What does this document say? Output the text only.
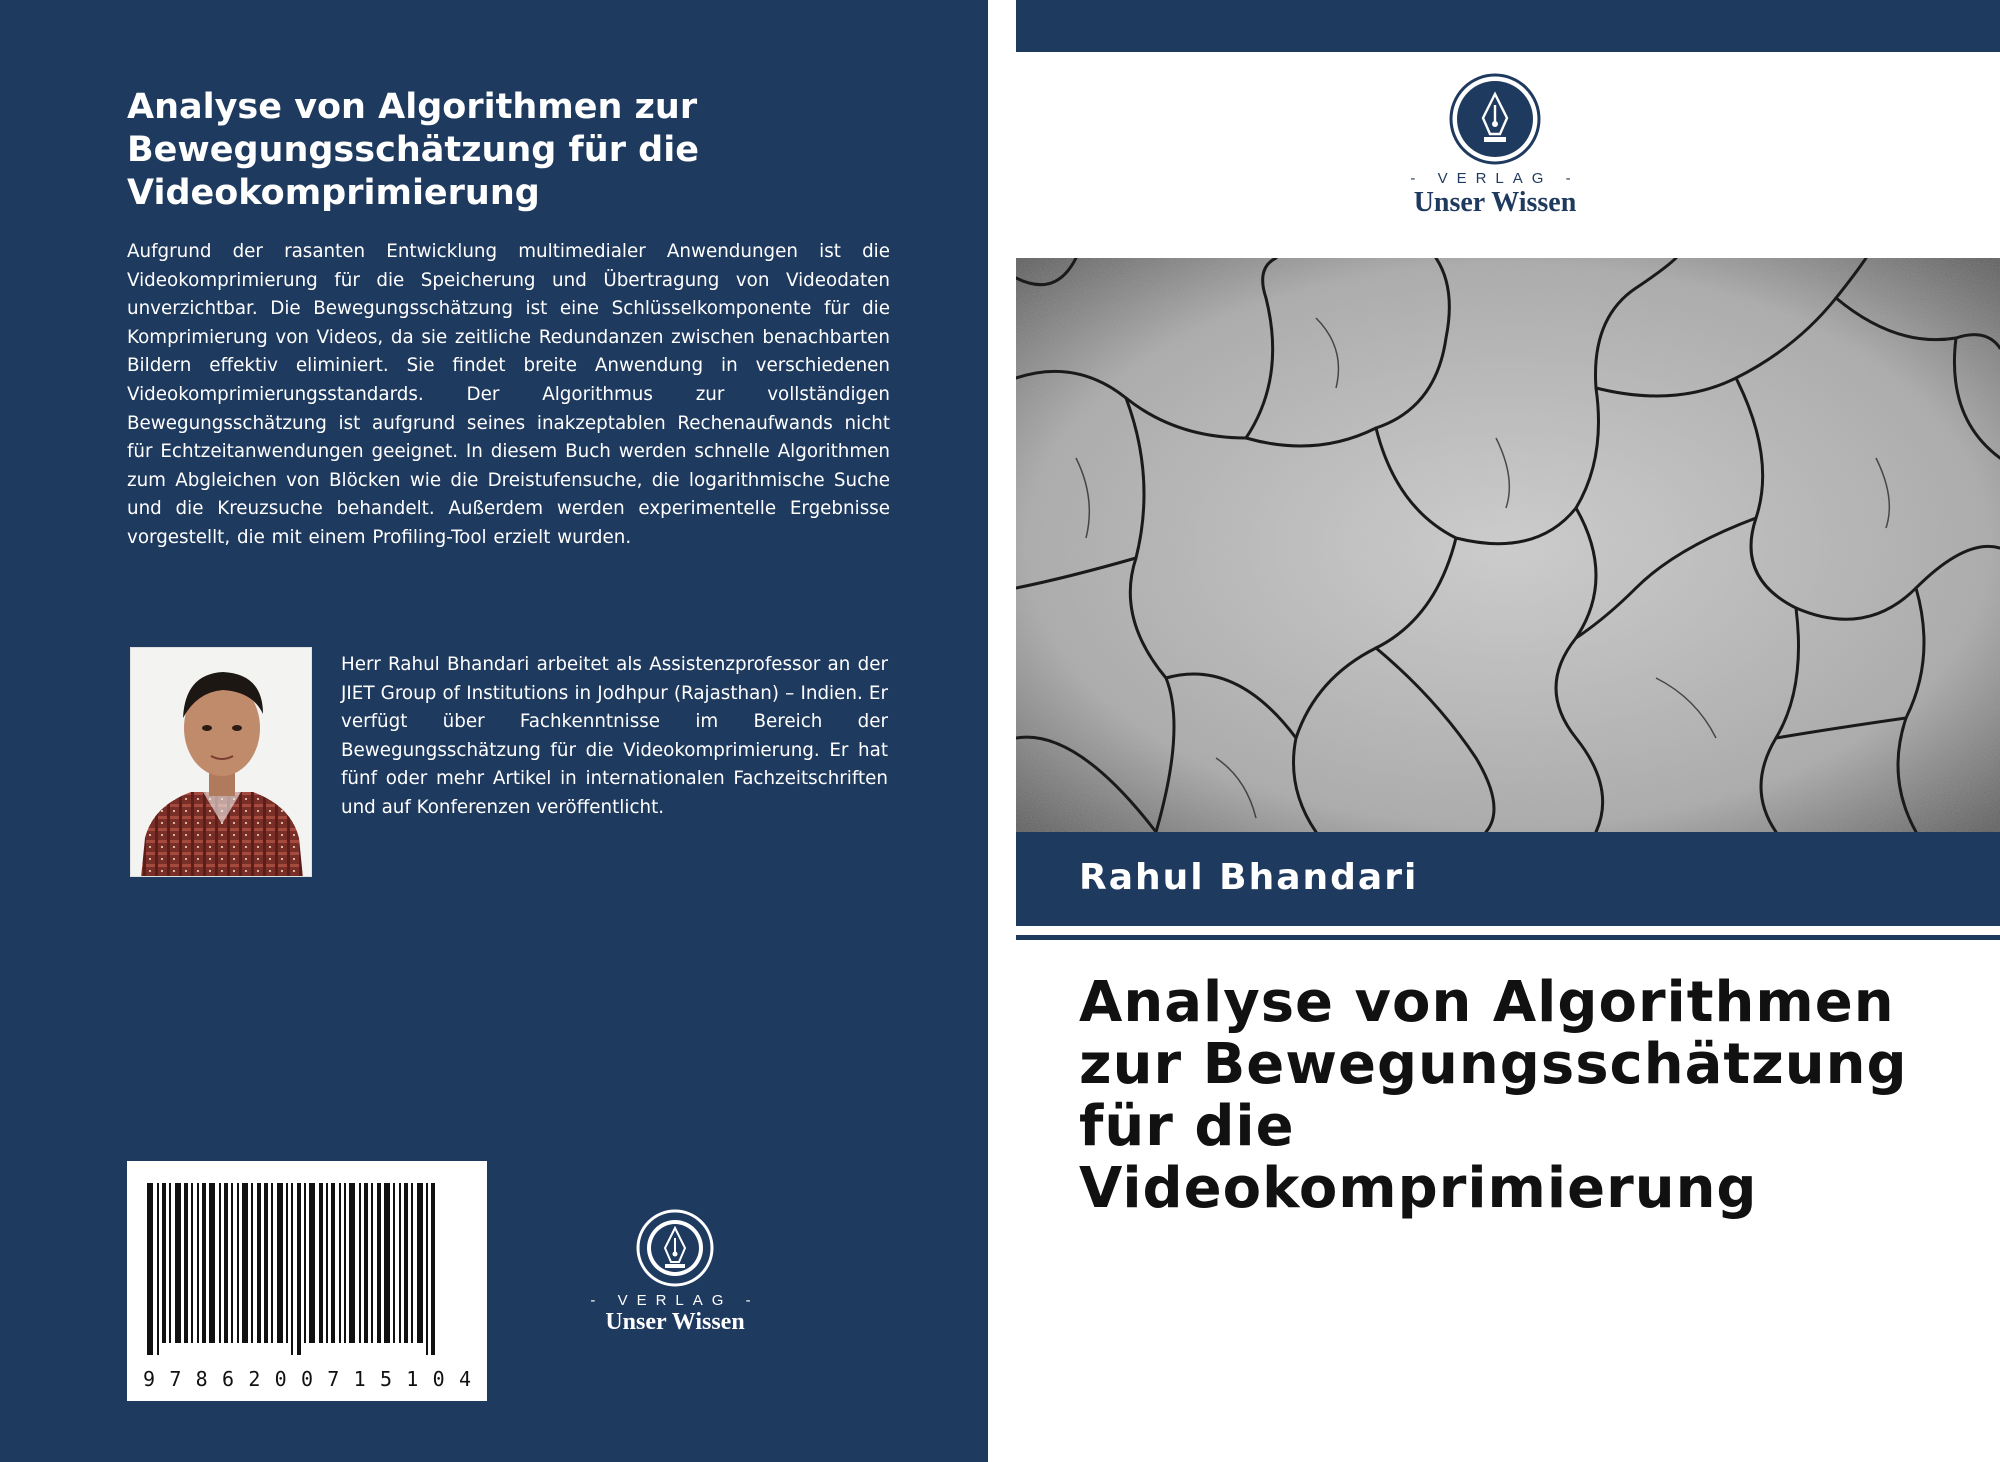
Analyse von Algorithmen zur Bewegungsschätzung für die Videokomprimierung

Aufgrund der rasanten Entwicklung multimedialer Anwendungen ist die Videokomprimierung für die Speicherung und Übertragung von Videodaten unverzichtbar. Die Bewegungsschätzung ist eine Schlüsselkomponente für die Komprimierung von Videos, da sie zeitliche Redundanzen zwischen benachbarten Bildern effektiv eliminiert. Sie findet breite Anwendung in verschiedenen Videokomprimierungsstandards. Der Algorithmus zur vollständigen Bewegungsschätzung ist aufgrund seines inakzeptablen Rechenaufwands nicht für Echtzeitanwendungen geeignet. In diesem Buch werden schnelle Algorithmen zum Abgleichen von Blöcken wie die Dreistufensuche, die logarithmische Suche und die Kreuzsuche behandelt. Außerdem werden experimentelle Ergebnisse vorgestellt, die mit einem Profiling-Tool erzielt wurden.

Herr Rahul Bhandari arbeitet als Assistenzprofessor an der JIET Group of Institutions in Jodhpur (Rajasthan) – Indien. Er verfügt über Fachkenntnisse im Bereich der Bewegungsschätzung für die Videokomprimierung. Er hat fünf oder mehr Artikel in internationalen Fachzeitschriften und auf Konferenzen veröffentlicht.

9 7 8 6 2 0 0 7 1 5 1 0 4
- VERLAG -
Unser Wissen
- VERLAG -
Unser Wissen
Rahul Bhandari
Analyse von Algorithmen zur Bewegungsschätzung für die Videokomprimierung
